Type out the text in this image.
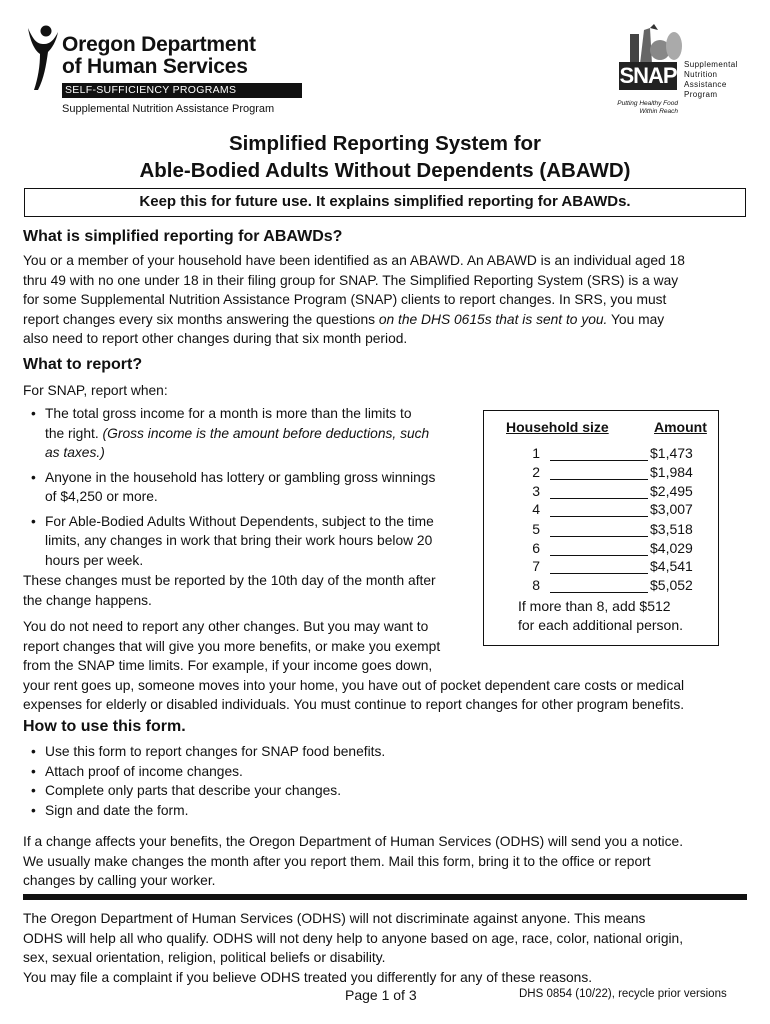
Oregon Department
of Human Services
SELF-SUFFICIENCY PROGRAMS
Supplemental Nutrition Assistance Program
SNAP Supplemental
Nutrition
Assistance
Program
Putting Healthy Food
Within Reach
Simplified Reporting System for
Able-Bodied Adults Without Dependents (ABAWD)
Keep this for future use. It explains simplified reporting for ABAWDs.
What is simplified reporting for ABAWDs?
You or a member of your household have been identified as an ABAWD. An ABAWD is an individual aged 18
thru 49 with no one under 18 in their filing group for SNAP. The Simplified Reporting System (SRS) is a way
for some Supplemental Nutrition Assistance Program (SNAP) clients to report changes. In SRS, you must
report changes every six months answering the questions on the DHS 0615s that is sent to you. You may
also need to report other changes during that six month period.
What to report?
For SNAP, report when:
• The total gross income for a month is more than the limits to
the right. (Gross income is the amount before deductions, such
as taxes.)
• Anyone in the household has lottery or gambling gross winnings
of $4,250 or more.
• For Able-Bodied Adults Without Dependents, subject to the time
limits, any changes in work that bring their work hours below 20
hours per week.
These changes must be reported by the 10th day of the month after
the change happens.
You do not need to report any other changes. But you may want to
report changes that will give you more benefits, or make you exempt
from the SNAP time limits. For example, if your income goes down,
your rent goes up, someone moves into your home, you have out of pocket dependent care costs or medical
expenses for elderly or disabled individuals. You must continue to report changes for other program benefits.
Household size	Amount
1	$1,473
2	$1,984
3	$2,495
4	$3,007
5	$3,518
6	$4,029
7	$4,541
8	$5,052
If more than 8, add $512
for each additional person.
How to use this form.
• Use this form to report changes for SNAP food benefits.
• Attach proof of income changes.
• Complete only parts that describe your changes.
• Sign and date the form.
If a change affects your benefits, the Oregon Department of Human Services (ODHS) will send you a notice.
We usually make changes the month after you report them. Mail this form, bring it to the office or report
changes by calling your worker.
The Oregon Department of Human Services (ODHS) will not discriminate against anyone. This means
ODHS will help all who qualify. ODHS will not deny help to anyone based on age, race, color, national origin,
sex, sexual orientation, religion, political beliefs or disability.
You may file a complaint if you believe ODHS treated you differently for any of these reasons.
Page 1 of 3	DHS 0854 (10/22), recycle prior versions
